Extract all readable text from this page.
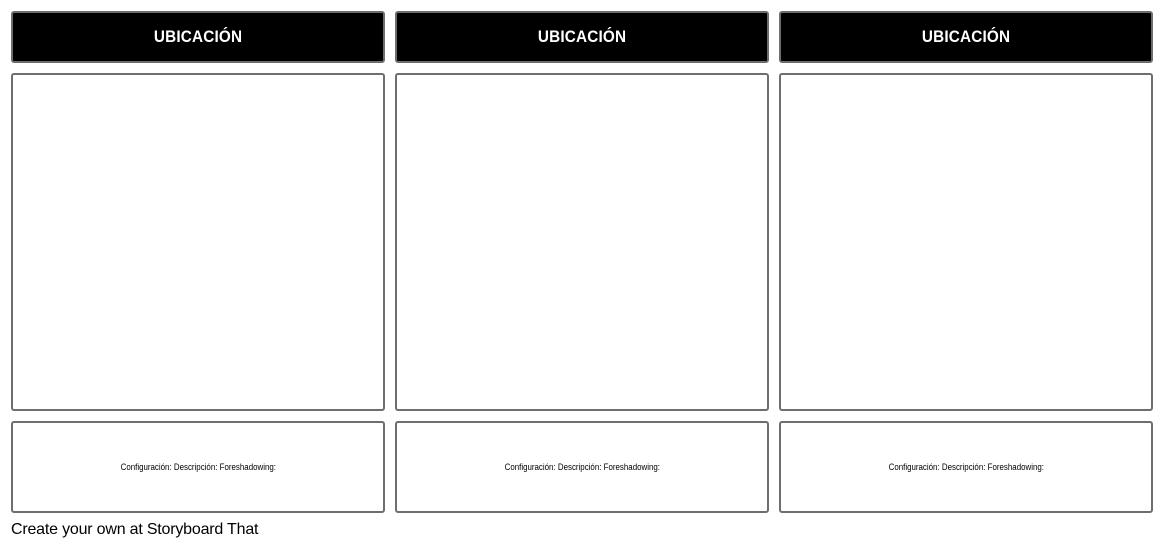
UBICACIÓN
Configuración: Descripción: Foreshadowing:
UBICACIÓN
Configuración: Descripción: Foreshadowing:
UBICACIÓN
Configuración: Descripción: Foreshadowing:
Create your own at Storyboard That
